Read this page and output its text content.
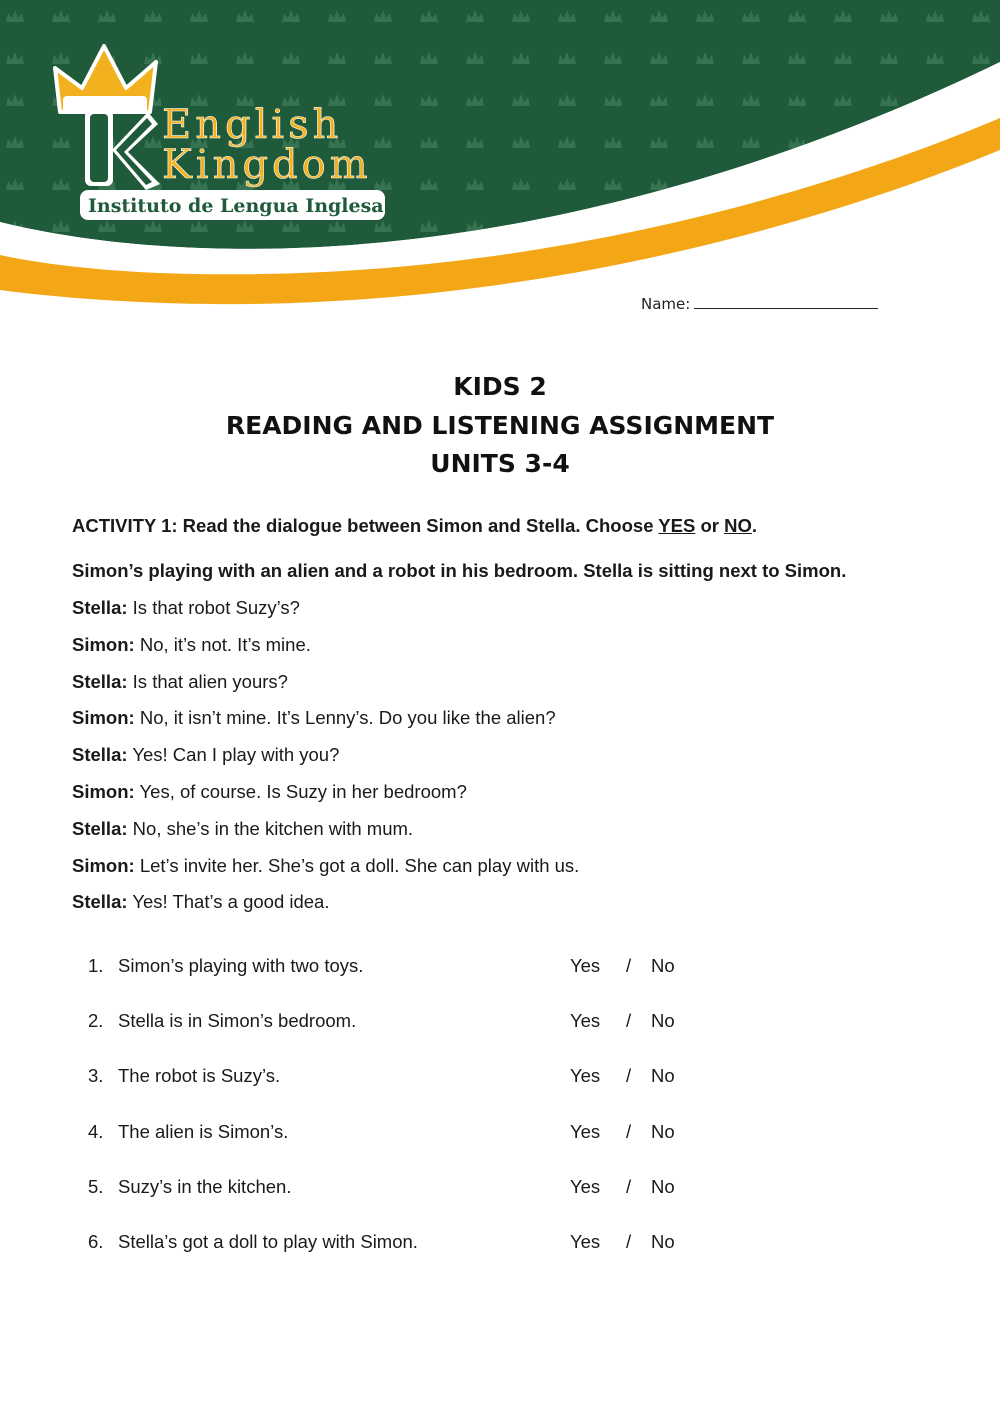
English
Kingdom
Instituto de Lengua Inglesa
Name:
KIDS 2
READING AND LISTENING ASSIGNMENT
UNITS 3-4
ACTIVITY 1: Read the dialogue between Simon and Stella. Choose YES or NO.
Simon’s playing with an alien and a robot in his bedroom. Stella is sitting next to Simon.
Stella: Is that robot Suzy’s?
Simon: No, it’s not. It’s mine.
Stella: Is that alien yours?
Simon: No, it isn’t mine. It’s Lenny’s. Do you like the alien?
Stella: Yes! Can I play with you?
Simon: Yes, of course. Is Suzy in her bedroom?
Stella: No, she’s in the kitchen with mum.
Simon: Let’s invite her. She’s got a doll. She can play with us.
Stella: Yes! That’s a good idea.
1. Simon’s playing with two toys.	Yes / No
2. Stella is in Simon’s bedroom.	Yes / No
3. The robot is Suzy’s.	Yes / No
4. The alien is Simon’s.	Yes / No
5. Suzy’s in the kitchen.	Yes / No
6. Stella’s got a doll to play with Simon.	Yes / No
